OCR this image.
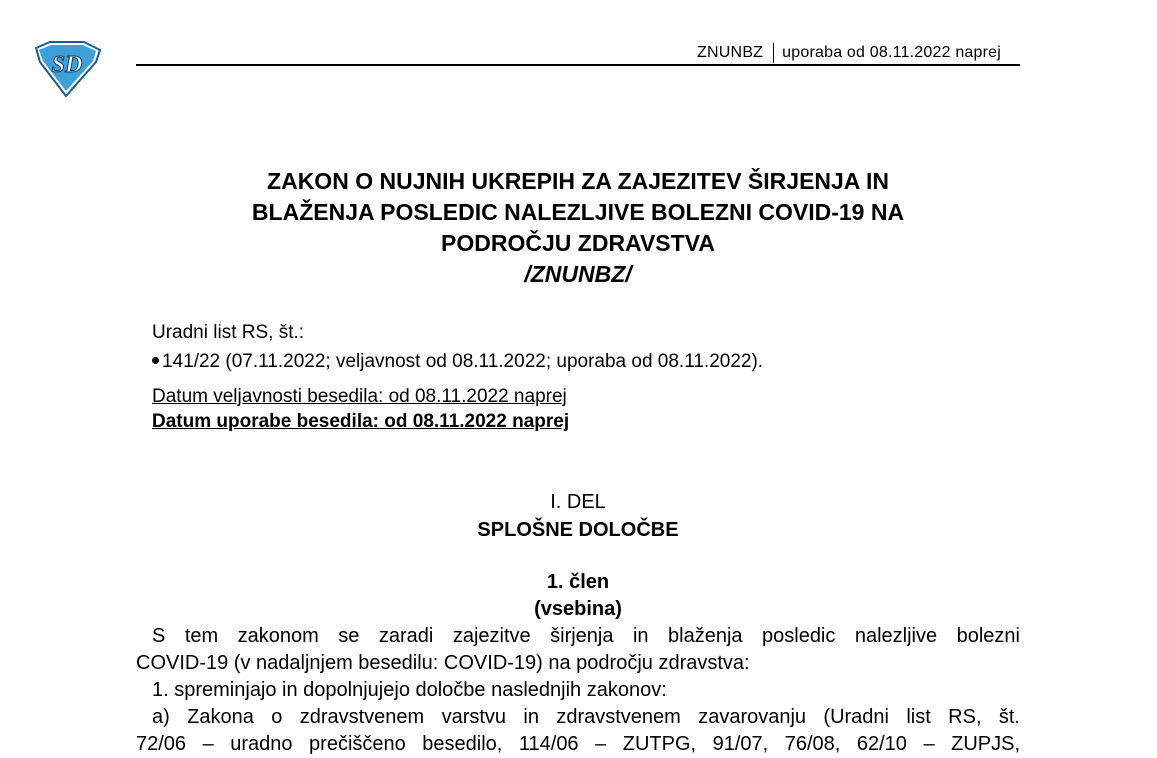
SD	ZNUNBZ uporaba od 08.11.2022 naprej
ZAKON O NUJNIH UKREPIH ZA ZAJEZITEV ŠIRJENJA IN
BLAŽENJA POSLEDIC NALEZLJIVE BOLEZNI COVID-19 NA
PODROČJU ZDRAVSTVA
/ZNUNBZ/
Uradni list RS, št.:
141/22 (07.11.2022; veljavnost od 08.11.2022; uporaba od 08.11.2022).
Datum veljavnosti besedila: od 08.11.2022 naprej
Datum uporabe besedila: od 08.11.2022 naprej
I. DEL
SPLOŠNE DOLOČBE
1. člen
(vsebina)

S tem zakonom se zaradi zajezitve širjenja in blaženja posledic nalezljive bolezni

COVID-19 (v nadaljnjem besedilu: COVID-19) na področju zdravstva:

1. spreminjajo in dopolnjujejo določbe naslednjih zakonov:

a) Zakona o zdravstvenem varstvu in zdravstvenem zavarovanju (Uradni list RS, št.

72/06 – uradno prečiščeno besedilo, 114/06 – ZUTPG, 91/07, 76/08, 62/10 – ZUPJS,
